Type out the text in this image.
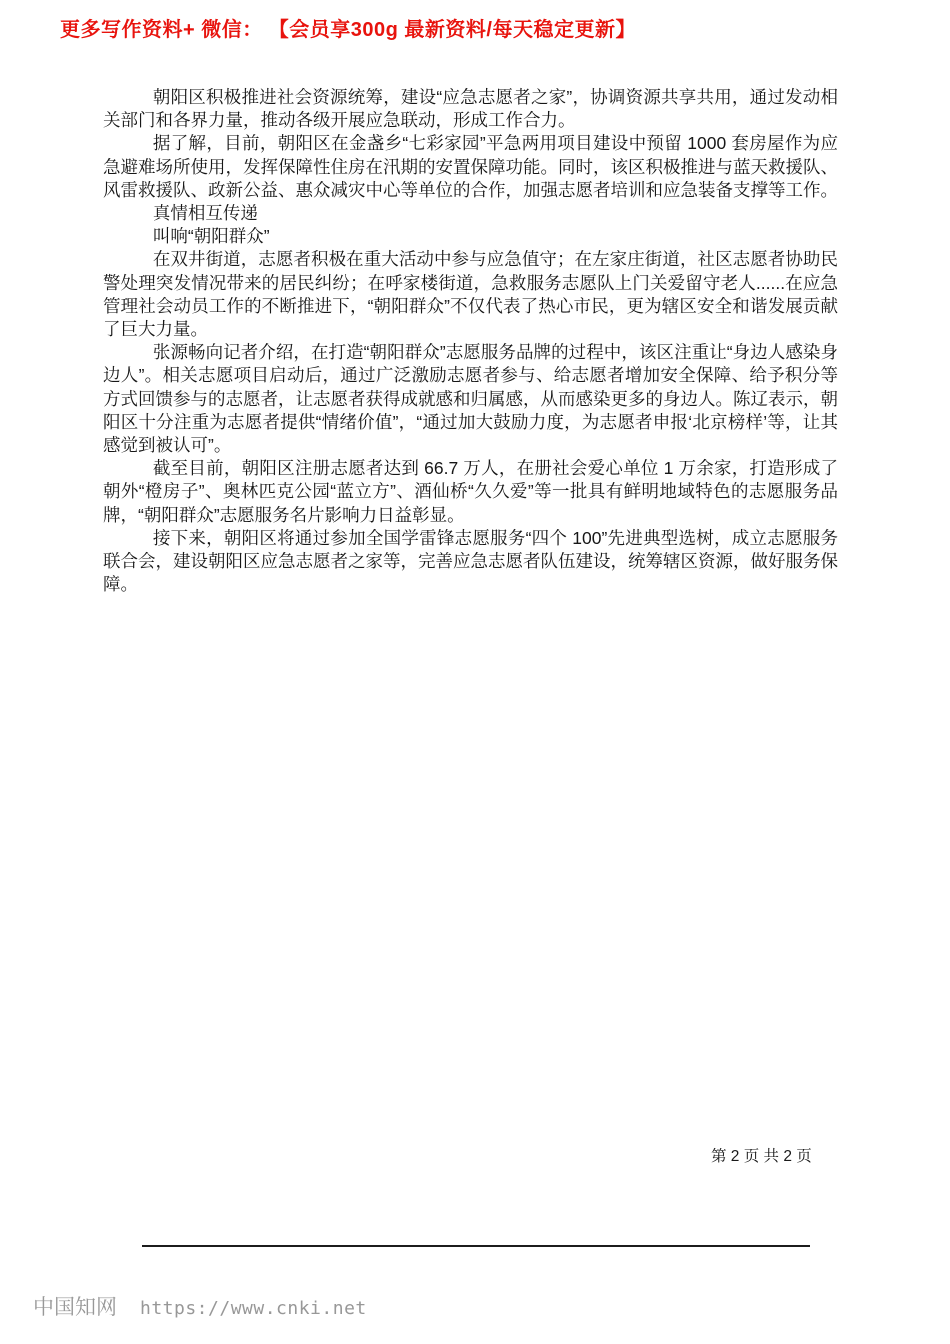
更多写作资料+ 微信： 【会员享300g 最新资料/每天稳定更新】

朝阳区积极推进社会资源统筹，建设“应急志愿者之家”，协调资源共享共用，通过发动相关部门和各界力量，推动各级开展应急联动，形成工作合力。

据了解，目前，朝阳区在金盏乡“七彩家园”平急两用项目建设中预留 1000 套房屋作为应急避难场所使用，发挥保障性住房在汛期的安置保障功能。同时，该区积极推进与蓝天救援队、风雷救援队、政新公益、惠众减灾中心等单位的合作，加强志愿者培训和应急装备支撑等工作。

真情相互传递

叫响“朝阳群众”

在双井街道，志愿者积极在重大活动中参与应急值守；在左家庄街道，社区志愿者协助民警处理突发情况带来的居民纠纷；在呼家楼街道，急救服务志愿队上门关爱留守老人......在应急管理社会动员工作的不断推进下，“朝阳群众”不仅代表了热心市民，更为辖区安全和谐发展贡献了巨大力量。

张源畅向记者介绍，在打造“朝阳群众”志愿服务品牌的过程中，该区注重让“身边人感染身边人”。相关志愿项目启动后，通过广泛激励志愿者参与、给志愿者增加安全保障、给予积分等方式回馈参与的志愿者，让志愿者获得成就感和归属感，从而感染更多的身边人。陈辽表示，朝阳区十分注重为志愿者提供“情绪价值”，“通过加大鼓励力度，为志愿者申报‘北京榜样’等，让其感觉到被认可”。

截至目前，朝阳区注册志愿者达到 66.7 万人，在册社会爱心单位 1 万余家，打造形成了朝外“橙房子”、奥林匹克公园“蓝立方”、酒仙桥“久久爱”等一批具有鲜明地域特色的志愿服务品牌，“朝阳群众”志愿服务名片影响力日益彰显。

接下来，朝阳区将通过参加全国学雷锋志愿服务“四个 100”先进典型选树，成立志愿服务联合会，建设朝阳区应急志愿者之家等，完善应急志愿者队伍建设，统筹辖区资源，做好服务保障。

第 2 页 共 2 页
中国知网 https://www.cnki.net
